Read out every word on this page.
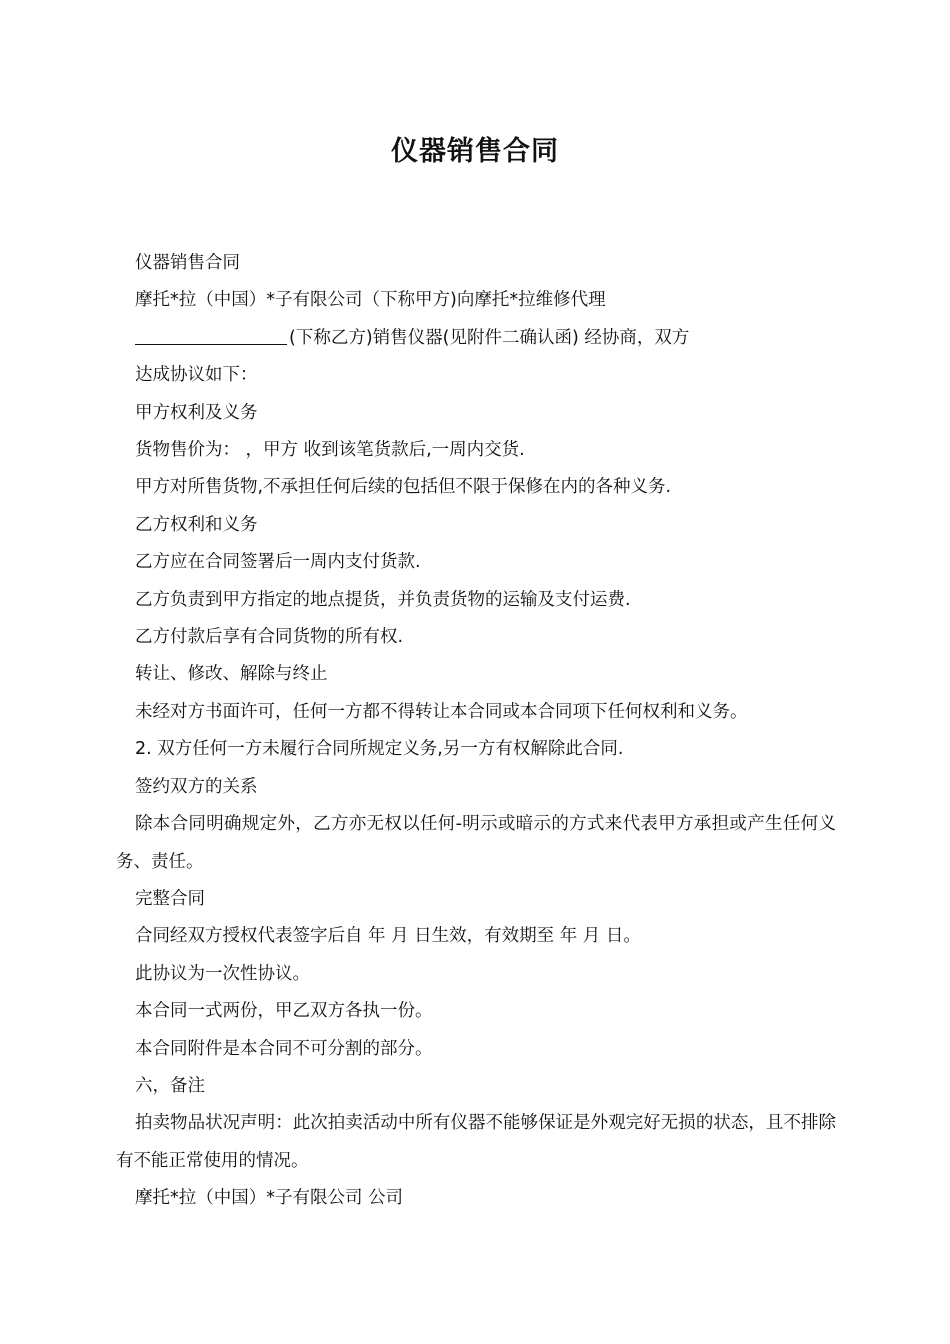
仪器销售合同
仪器销售合同
摩托*拉（中国）*子有限公司（下称甲方)向摩托*拉维修代理
(下称乙方)销售仪器(见附件二确认函) 经协商，双方
达成协议如下：
甲方权利及义务
货物售价为： ，甲方 收到该笔货款后,一周内交货.
甲方对所售货物,不承担任何后续的包括但不限于保修在内的各种义务.
乙方权利和义务
乙方应在合同签署后一周内支付货款.
乙方负责到甲方指定的地点提货，并负责货物的运输及支付运费.
乙方付款后享有合同货物的所有权.
转让、修改、解除与终止
未经对方书面许可，任何一方都不得转让本合同或本合同项下任何权利和义务。
2. 双方任何一方未履行合同所规定义务,另一方有权解除此合同.
签约双方的关系
除本合同明确规定外，乙方亦无权以任何-明示或暗示的方式来代表甲方承担或产生任何义务、责任。
完整合同
合同经双方授权代表签字后自 年 月 日生效，有效期至 年 月 日。
此协议为一次性协议。
本合同一式两份，甲乙双方各执一份。
本合同附件是本合同不可分割的部分。
六，备注
拍卖物品状况声明：此次拍卖活动中所有仪器不能够保证是外观完好无损的状态，且不排除有不能正常使用的情况。
摩托*拉（中国）*子有限公司 公司
